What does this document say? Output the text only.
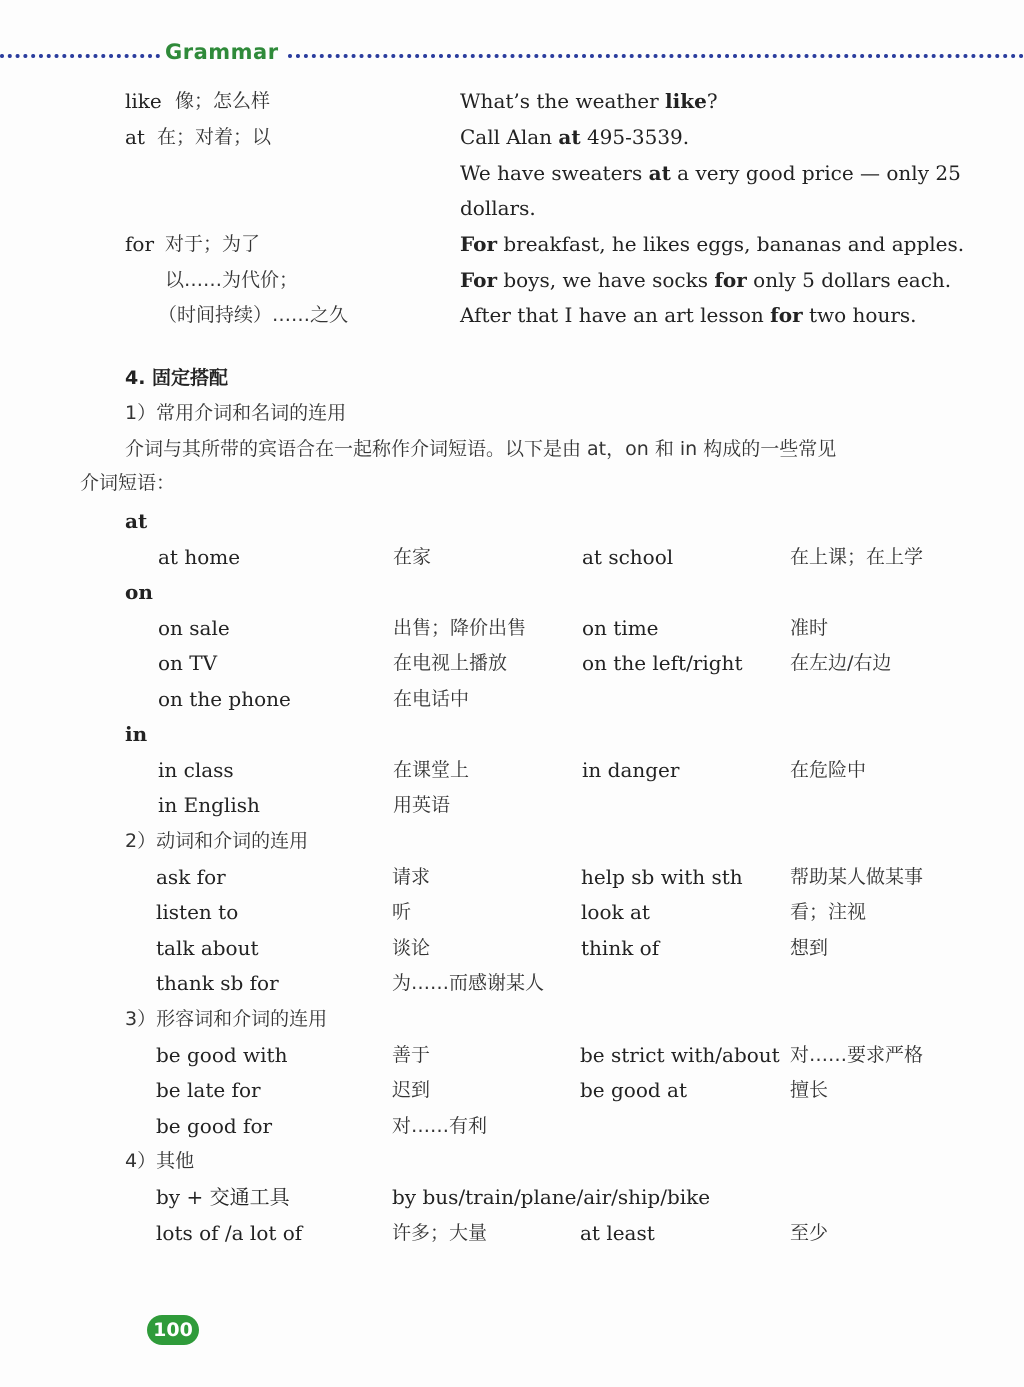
Grammar
like 像；怎么样	What’s the weather like?
at 在；对着；以	Call Alan at 495-3539.
We have sweaters at a very good price — only 25
dollars.
for 对于；为了	For breakfast, he likes eggs, bananas and apples.
以……为代价；	For boys, we have socks for only 5 dollars each.
（时间持续）……之久	After that I have an art lesson for two hours.
4. 固定搭配
1）常用介词和名词的连用
介词与其所带的宾语合在一起称作介词短语。以下是由 at，on 和 in 构成的一些常见
介词短语：
at
at home	在家	at school	在上课；在上学
on
on sale	出售；降价出售	on time	准时
on TV	在电视上播放	on the left/right	在左边/右边
on the phone	在电话中
in
in class	在课堂上	in danger	在危险中
in English	用英语
2）动词和介词的连用
ask for	请求	help sb with sth 帮助某人做某事
listen to	听	look at	看；注视
talk about	谈论	think of	想到
thank sb for	为……而感谢某人
3）形容词和介词的连用
be good with	善于	be strict with/about 对……要求严格
be late for	迟到	be good at	擅长
be good for	对……有利
4）其他
by + 交通工具	by bus/train/plane/air/ship/bike
lots of /a lot of	许多；大量	at least	至少
100
